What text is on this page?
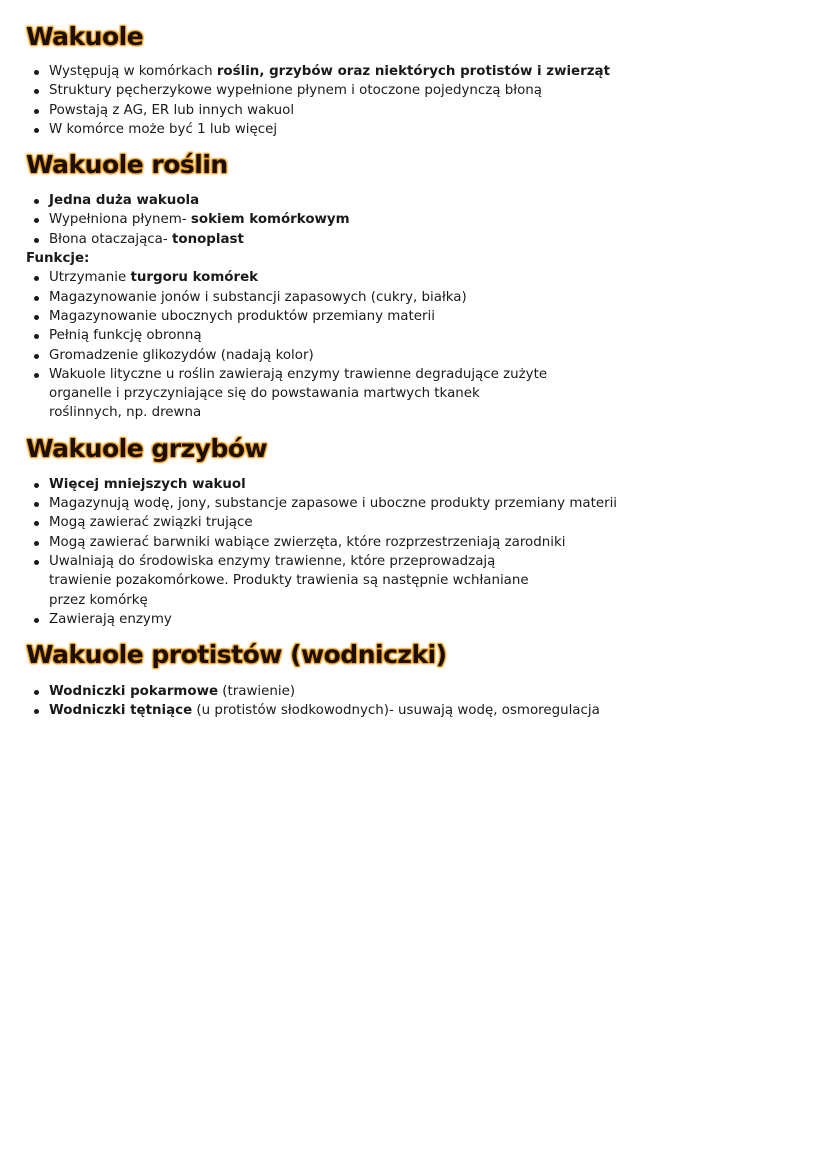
Wakuole
Występują w komórkach roślin, grzybów oraz niektórych protistów i zwierząt
Struktury pęcherzykowe wypełnione płynem i otoczone pojedynczą błoną
Powstają z AG, ER lub innych wakuol
W komórce może być 1 lub więcej
Wakuole roślin
Jedna duża wakuola
Wypełniona płynem- sokiem komórkowym
Błona otaczająca- tonoplast
Funkcje:
Utrzymanie turgoru komórek
Magazynowanie jonów i substancji zapasowych (cukry, białka)
Magazynowanie ubocznych produktów przemiany materii
Pełnią funkcję obronną
Gromadzenie glikozydów (nadają kolor)
Wakuole lityczne u roślin zawierają enzymy trawienne degradujące zużyte organelle i przyczyniające się do powstawania martwych tkanek roślinnych, np. drewna
Wakuole grzybów
Więcej mniejszych wakuol
Magazynują wodę, jony, substancje zapasowe i uboczne produkty przemiany materii
Mogą zawierać związki trujące
Mogą zawierać barwniki wabiące zwierzęta, które rozprzestrzeniają zarodniki
Uwalniają do środowiska enzymy trawienne, które przeprowadzają trawienie pozakomórkowe. Produkty trawienia są następnie wchłaniane przez komórkę
Zawierają enzymy
Wakuole protistów (wodniczki)
Wodniczki pokarmowe (trawienie)
Wodniczki tętniące (u protistów słodkowodnych)- usuwają wodę, osmoregulacja
